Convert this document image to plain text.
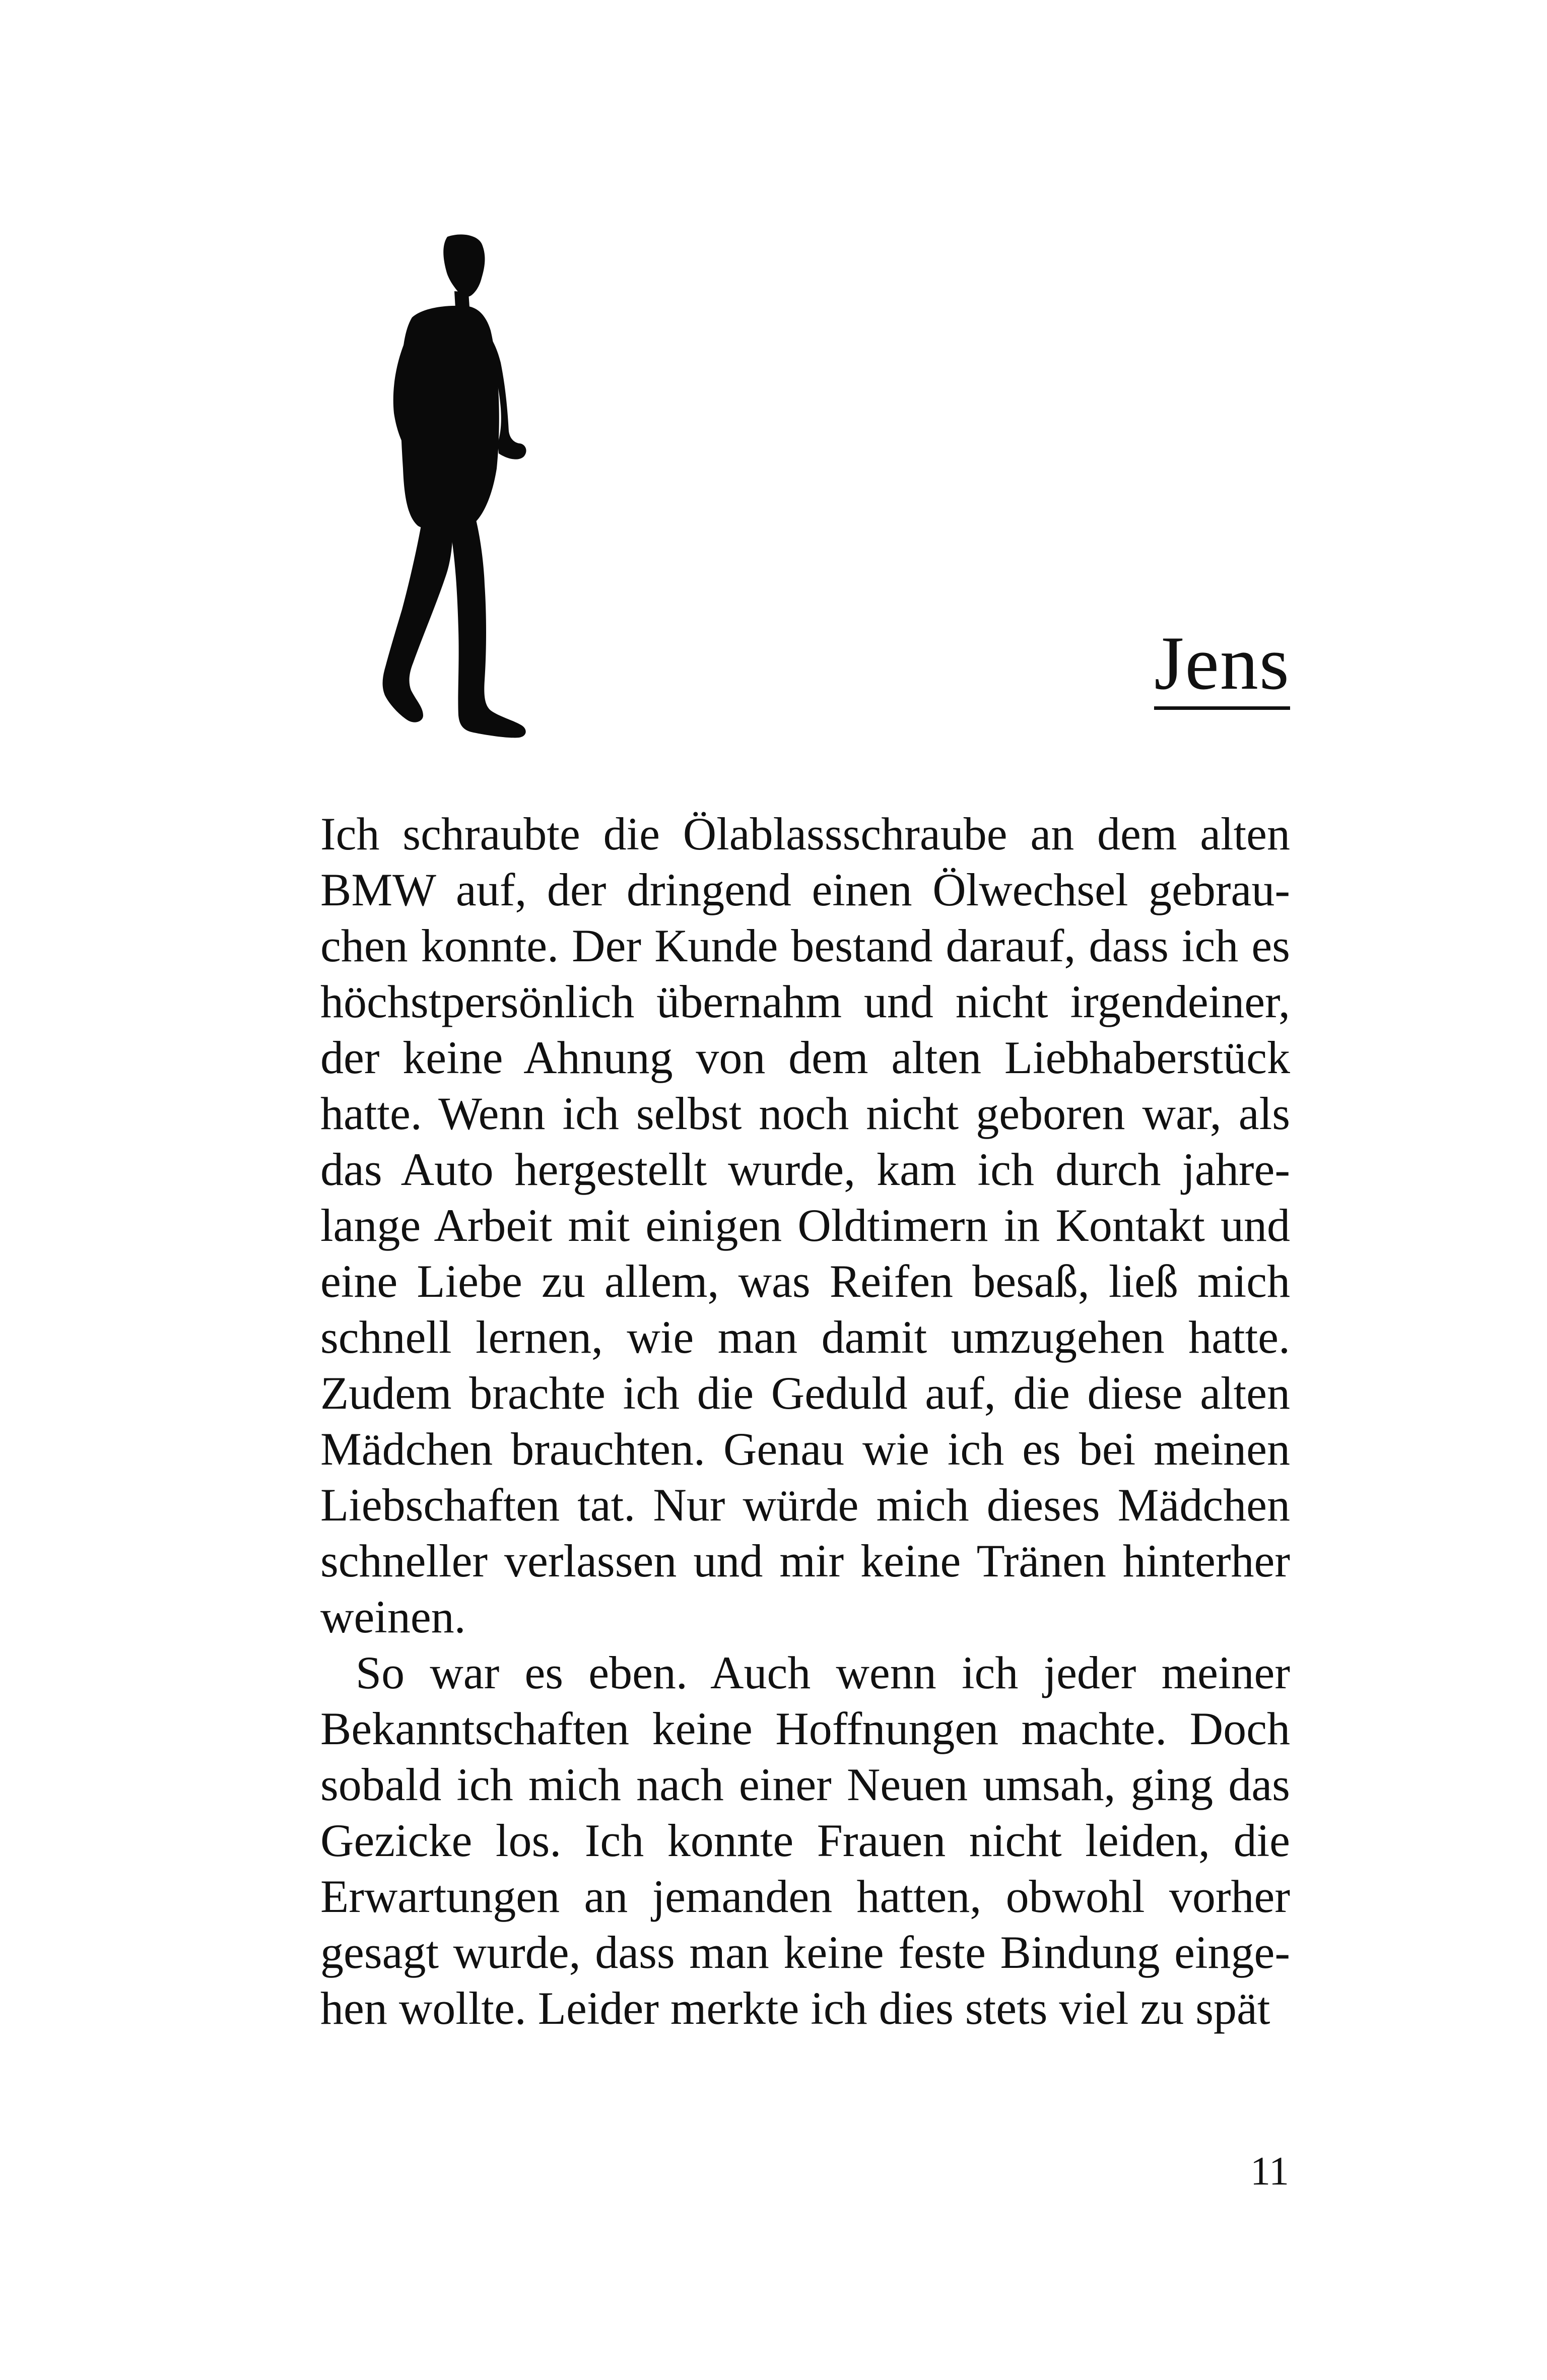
Jens

Ich schraubte die Ölablassschraube an dem alten BMW auf, der dringend einen Ölwechsel gebrauchen konnte. Der Kunde bestand darauf, dass ich es höchstpersönlich übernahm und nicht irgendeiner, der keine Ahnung von dem alten Liebhaberstück hatte. Wenn ich selbst noch nicht geboren war, als das Auto hergestellt wurde, kam ich durch jahrelange Arbeit mit einigen Oldtimern in Kontakt und eine Liebe zu allem, was Reifen besaß, ließ mich schnell lernen, wie man damit umzugehen hatte. Zudem brachte ich die Geduld auf, die diese alten Mädchen brauchten. Genau wie ich es bei meinen Liebschaften tat. Nur würde mich dieses Mädchen schneller verlassen und mir keine Tränen hinterher weinen.

So war es eben. Auch wenn ich jeder meiner Bekanntschaften keine Hoffnungen machte. Doch sobald ich mich nach einer Neuen umsah, ging das Gezicke los. Ich konnte Frauen nicht leiden, die Erwartungen an jemanden hatten, obwohl vorher gesagt wurde, dass man keine feste Bindung eingehen wollte. Leider merkte ich dies stets viel zu spät

11
